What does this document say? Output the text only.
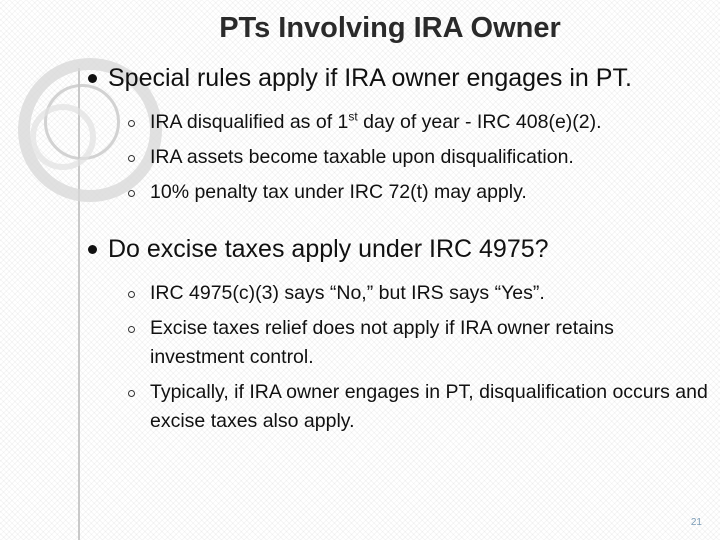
PTs Involving IRA Owner
Special rules apply if IRA owner engages in PT.
IRA disqualified as of 1st day of year - IRC 408(e)(2).
IRA assets become taxable upon disqualification.
10% penalty tax under IRC 72(t) may apply.
Do excise taxes apply under IRC 4975?
IRC 4975(c)(3) says “No,” but IRS says “Yes”.
Excise taxes relief does not apply if IRA owner retains investment control.
Typically, if IRA owner engages in PT, disqualification occurs and excise taxes also apply.
21
